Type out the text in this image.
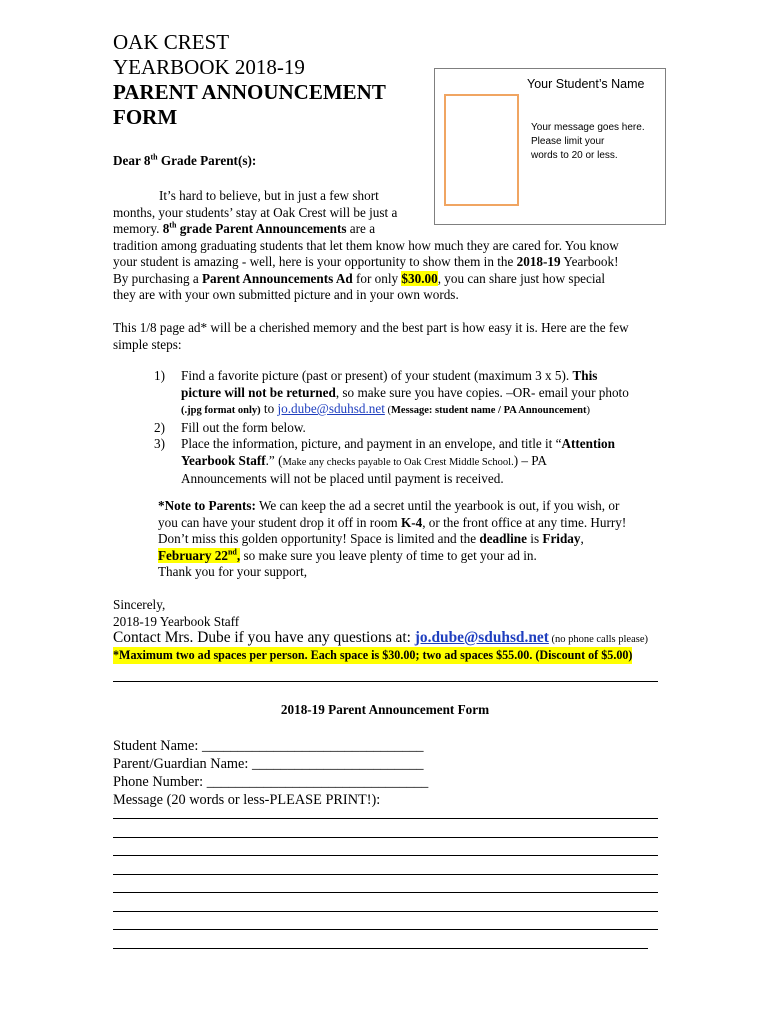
OAK CREST
YEARBOOK 2018-19
PARENT ANNOUNCEMENT
FORM
Your Student’s Name
Your message goes here.
Please limit your
words to 20 or less.
Dear 8th Grade Parent(s):
It’s hard to believe, but in just a few short
months, your students’ stay at Oak Crest will be just a
memory. 8th grade Parent Announcements are a
tradition among graduating students that let them know how much they are cared for. You know
your student is amazing - well, here is your opportunity to show them in the 2018-19 Yearbook!
By purchasing a Parent Announcements Ad for only $30.00, you can share just how special
they are with your own submitted picture and in your own words.
This 1/8 page ad* will be a cherished memory and the best part is how easy it is. Here are the few
simple steps:
1) Find a favorite picture (past or present) of your student (maximum 3 x 5). This
picture will not be returned, so make sure you have copies. –OR- email your photo
(.jpg format only) to jo.dube@sduhsd.net (Message: student name / PA Announcement)
2) Fill out the form below.
3) Place the information, picture, and payment in an envelope, and title it “Attention
Yearbook Staff.” (Make any checks payable to Oak Crest Middle School.) – PA
Announcements will not be placed until payment is received.
*Note to Parents: We can keep the ad a secret until the yearbook is out, if you wish, or
you can have your student drop it off in room K-4, or the front office at any time. Hurry!
Don’t miss this golden opportunity! Space is limited and the deadline is Friday,
February 22nd, so make sure you leave plenty of time to get your ad in.
Thank you for your support,
Sincerely,
2018-19 Yearbook Staff
Contact Mrs. Dube if you have any questions at: jo.dube@sduhsd.net (no phone calls please)
*Maximum two ad spaces per person. Each space is $30.00; two ad spaces $55.00. (Discount of $5.00)
2018-19 Parent Announcement Form
Student Name: _______________________________
Parent/Guardian Name: ________________________
Phone Number: _______________________________
Message (20 words or less-PLEASE PRINT!):
